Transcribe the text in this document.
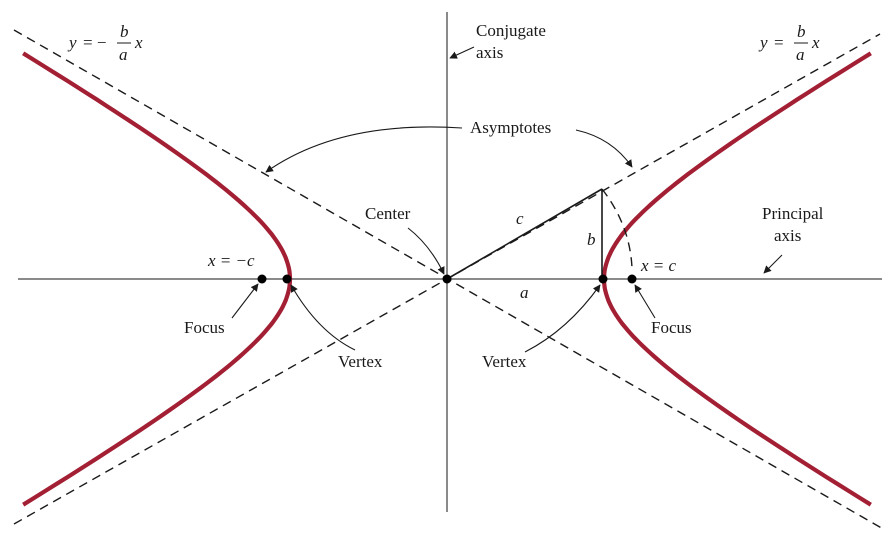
Conjugate
axis
Asymptotes
Center	Principal
axis
Focus
Vertex	Vertex
Focus
c
b
a
x = −c	x = c
y = −
b
a
x	y =
b
a
x
